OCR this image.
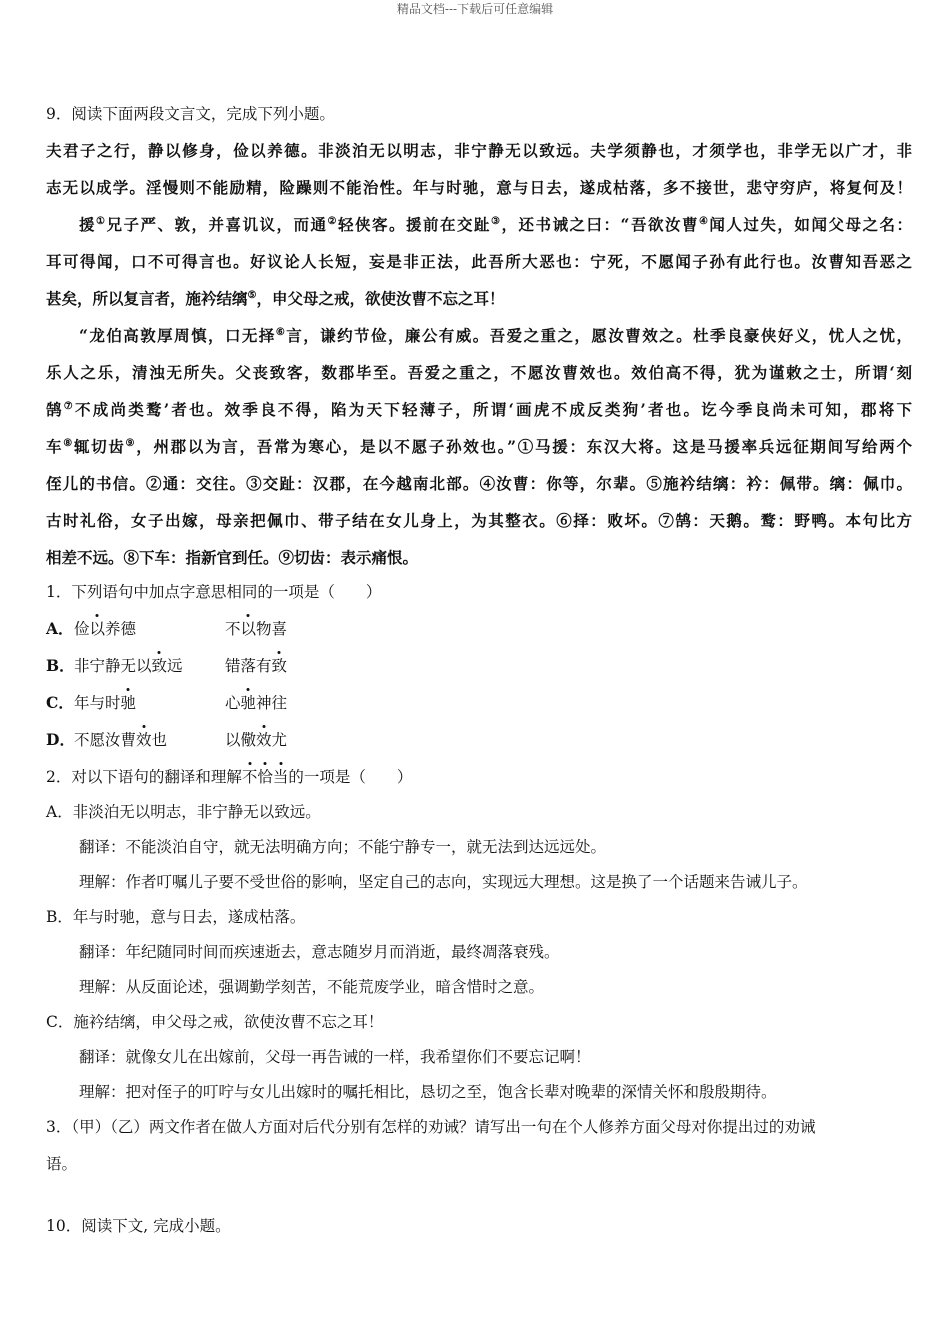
精品文档---下载后可任意编辑
9．阅读下面两段文言文，完成下列小题。
夫君子之行，静以修身，俭以养德。非淡泊无以明志，非宁静无以致远。夫学须静也，才须学也，非学无以广才，非
志无以成学。淫慢则不能励精，险躁则不能治性。年与时驰，意与日去，遂成枯落，多不接世，悲守穷庐，将复何及！
援①兄子严、敦，并喜讥议，而通②轻侠客。援前在交趾③，还书诫之曰：“吾欲汝曹④闻人过失，如闻父母之名：
耳可得闻，口不可得言也。好议论人长短，妄是非正法，此吾所大恶也：宁死，不愿闻子孙有此行也。汝曹知吾恶之
甚矣，所以复言者，施衿结缡⑤，申父母之戒，欲使汝曹不忘之耳！
“龙伯高敦厚周慎，口无择⑥言，谦约节俭，廉公有威。吾爱之重之，愿汝曹效之。杜季良豪侠好义，忧人之忧，
乐人之乐，清浊无所失。父丧致客，数郡毕至。吾爱之重之，不愿汝曹效也。效伯高不得，犹为谨敕之士，所谓‘刻
鹄⑦不成尚类鹜’者也。效季良不得，陷为天下轻薄子，所谓‘画虎不成反类狗’者也。讫今季良尚未可知，郡将下
车⑧辄切齿⑨，州郡以为言，吾常为寒心，是以不愿子孙效也。”①马援：东汉大将。这是马援率兵远征期间写给两个
侄儿的书信。②通：交往。③交趾：汉郡，在今越南北部。④汝曹：你等，尔辈。⑤施衿结缡：衿：佩带。缡：佩巾。
古时礼俗，女子出嫁，母亲把佩巾、带子结在女儿身上，为其整衣。⑥择：败坏。⑦鹄：天鹅。鹜：野鸭。本句比方
相差不远。⑧下车：指新官到任。⑨切齿：表示痛恨。
1．下列语句中加点字意思相同的一项是（　　）
A． 俭以养德	不以物喜
B． 非宁静无以致远	错落有致
C． 年与时驰	心驰神往
D． 不愿汝曹效也	以儆效尤
2．对以下语句的翻译和理解不恰当的一项是（　　）
A．非淡泊无以明志，非宁静无以致远。
翻译：不能淡泊自守，就无法明确方向；不能宁静专一，就无法到达远远处。
理解：作者叮嘱儿子要不受世俗的影响，坚定自己的志向，实现远大理想。这是换了一个话题来告诫儿子。
B．年与时驰，意与日去，遂成枯落。
翻译：年纪随同时间而疾速逝去，意志随岁月而消逝，最终凋落衰残。
理解：从反面论述，强调勤学刻苦，不能荒废学业，暗含惜时之意。
C．施衿结缡，申父母之戒，欲使汝曹不忘之耳！
翻译：就像女儿在出嫁前，父母一再告诫的一样，我希望你们不要忘记啊！
理解：把对侄子的叮咛与女儿出嫁时的嘱托相比，恳切之至，饱含长辈对晚辈的深情关怀和殷殷期待。
3．（甲）（乙）两文作者在做人方面对后代分别有怎样的劝诫？请写出一句在个人修养方面父母对你提出过的劝诫
语。
10．阅读下文, 完成小题。
